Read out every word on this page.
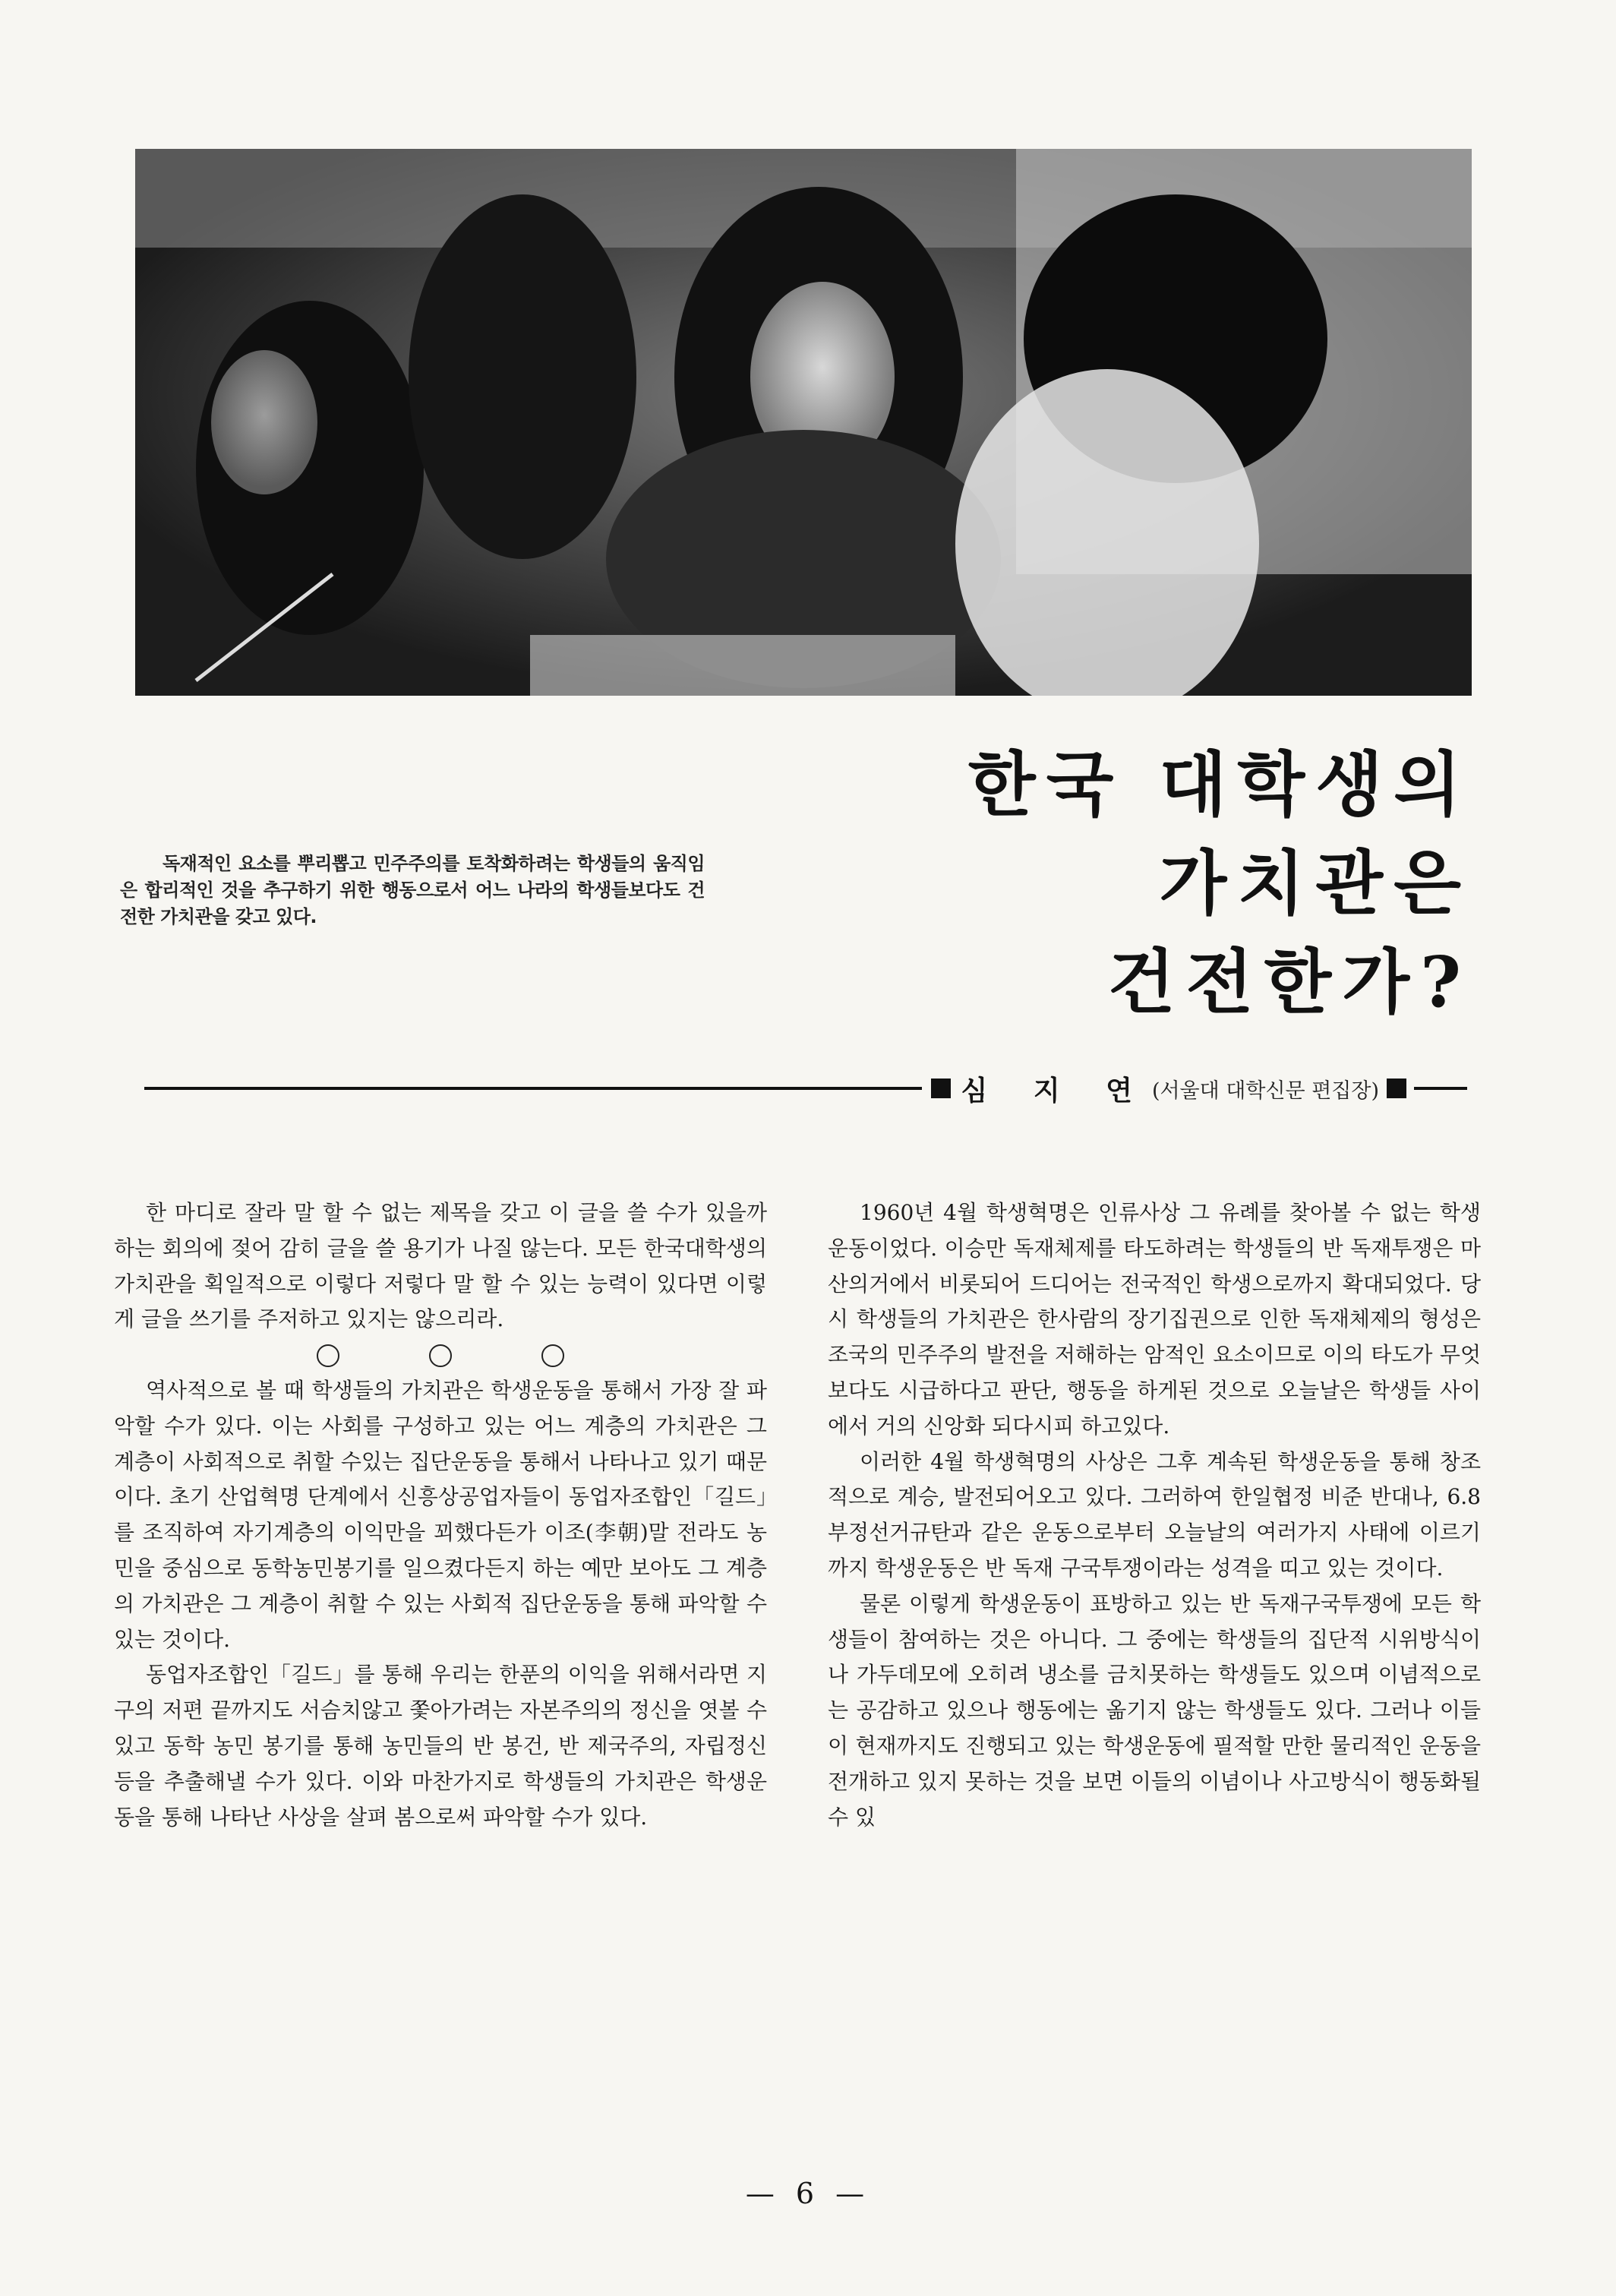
독재적인 요소를 뿌리뽑고 민주주의를 토착화하려는 학생들의 움직임은 합리적인 것을 추구하기 위한 행동으로서 어느 나라의 학생들보다도 건전한 가치관을 갖고 있다.
한국 대학생의
가치관은
건전한가?
심 지 연 (서울대 대학신문 편집장)

한 마디로 잘라 말 할 수 없는 제목을 갖고 이 글을 쓸 수가 있을까하는 회의에 젖어 감히 글을 쓸 용기가 나질 않는다. 모든 한국대학생의 가치관을 획일적으로 이렇다 저렇다 말 할 수 있는 능력이 있다면 이렇게 글을 쓰기를 주저하고 있지는 않으리라.

역사적으로 볼 때 학생들의 가치관은 학생운동을 통해서 가장 잘 파악할 수가 있다. 이는 사회를 구성하고 있는 어느 계층의 가치관은 그 계층이 사회적으로 취할 수있는 집단운동을 통해서 나타나고 있기 때문이다. 초기 산업혁명 단계에서 신흥상공업자들이 동업자조합인「길드」를 조직하여 자기계층의 이익만을 꾀했다든가 이조(李朝)말 전라도 농민을 중심으로 동학농민봉기를 일으켰다든지 하는 예만 보아도 그 계층의 가치관은 그 계층이 취할 수 있는 사회적 집단운동을 통해 파악할 수 있는 것이다.

동업자조합인「길드」를 통해 우리는 한푼의 이익을 위해서라면 지구의 저편 끝까지도 서슴치않고 쫓아가려는 자본주의의 정신을 엿볼 수 있고 동학 농민 봉기를 통해 농민들의 반 봉건, 반 제국주의, 자립정신등을 추출해낼 수가 있다. 이와 마찬가지로 학생들의 가치관은 학생운동을 통해 나타난 사상을 살펴 봄으로써 파악할 수가 있다.

1960년 4월 학생혁명은 인류사상 그 유례를 찾아볼 수 없는 학생운동이었다. 이승만 독재체제를 타도하려는 학생들의 반 독재투쟁은 마산의거에서 비롯되어 드디어는 전국적인 학생으로까지 확대되었다. 당시 학생들의 가치관은 한사람의 장기집권으로 인한 독재체제의 형성은 조국의 민주주의 발전을 저해하는 암적인 요소이므로 이의 타도가 무엇보다도 시급하다고 판단, 행동을 하게된 것으로 오늘날은 학생들 사이에서 거의 신앙화 되다시피 하고있다.

이러한 4월 학생혁명의 사상은 그후 계속된 학생운동을 통해 창조적으로 계승, 발전되어오고 있다. 그러하여 한일협정 비준 반대나, 6.8 부정선거규탄과 같은 운동으로부터 오늘날의 여러가지 사태에 이르기까지 학생운동은 반 독재 구국투쟁이라는 성격을 띠고 있는 것이다.

물론 이렇게 학생운동이 표방하고 있는 반 독재구국투쟁에 모든 학생들이 참여하는 것은 아니다. 그 중에는 학생들의 집단적 시위방식이나 가두데모에 오히려 냉소를 금치못하는 학생들도 있으며 이념적으로는 공감하고 있으나 행동에는 옮기지 않는 학생들도 있다. 그러나 이들이 현재까지도 진행되고 있는 학생운동에 필적할 만한 물리적인 운동을 전개하고 있지 못하는 것을 보면 이들의 이념이나 사고방식이 행동화될 수 있

— 6 —
